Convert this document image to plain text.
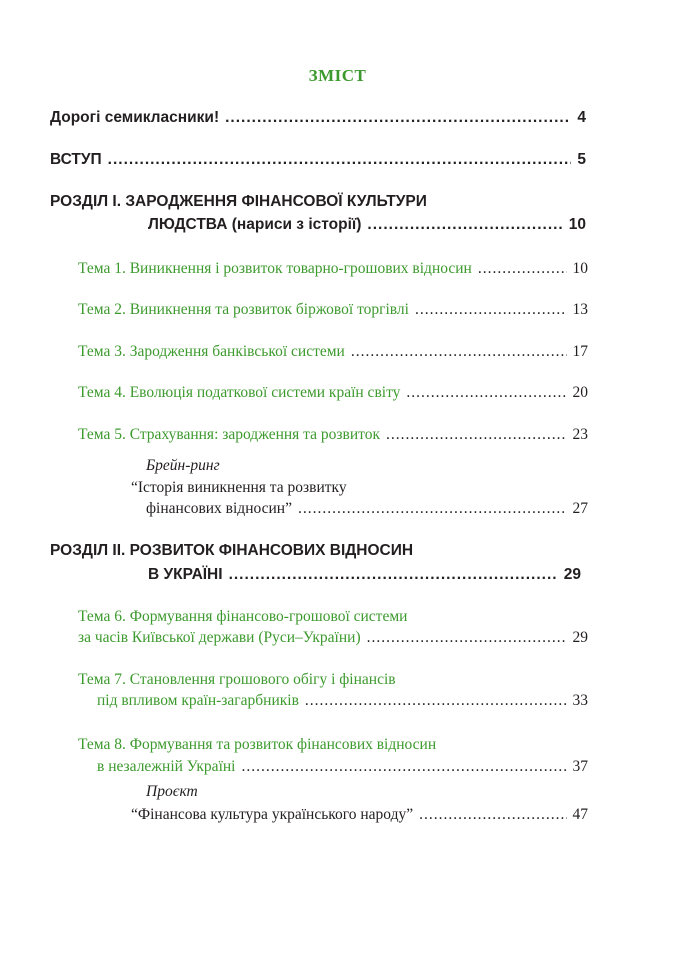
ЗМІСТ
Дорогі семикласники! .....	4
ВСТУП .....	5
РОЗДІЛ І. ЗАРОДЖЕННЯ ФІНАНСОВОЇ КУЛЬТУРИ
ЛЮДСТВА (нариси з історії) .....	10
Тема 1. Виникнення і розвиток товарно-грошових відносин .....	10
Тема 2. Виникнення та розвиток біржової торгівлі .....	13
Тема 3. Зародження банківської системи .....	17
Тема 4. Еволюція податкової системи країн світу .....	20
Тема 5. Страхування: зародження та розвиток .....	23
Брейн-ринг
“Історія виникнення та розвитку
фінансових відносин” .....	27
РОЗДІЛ ІІ. РОЗВИТОК ФІНАНСОВИХ ВІДНОСИН
В УКРАЇНІ .....	29
Тема 6. Формування фінансово-грошової системи
за часів Київської держави (Руси–України) .....	29
Тема 7. Становлення грошового обігу і фінансів
під впливом країн-загарбників .....	33
Тема 8. Формування та розвиток фінансових відносин
в незалежній Україні .....	37
Проєкт
“Фінансова культура українського народу” .....	47
